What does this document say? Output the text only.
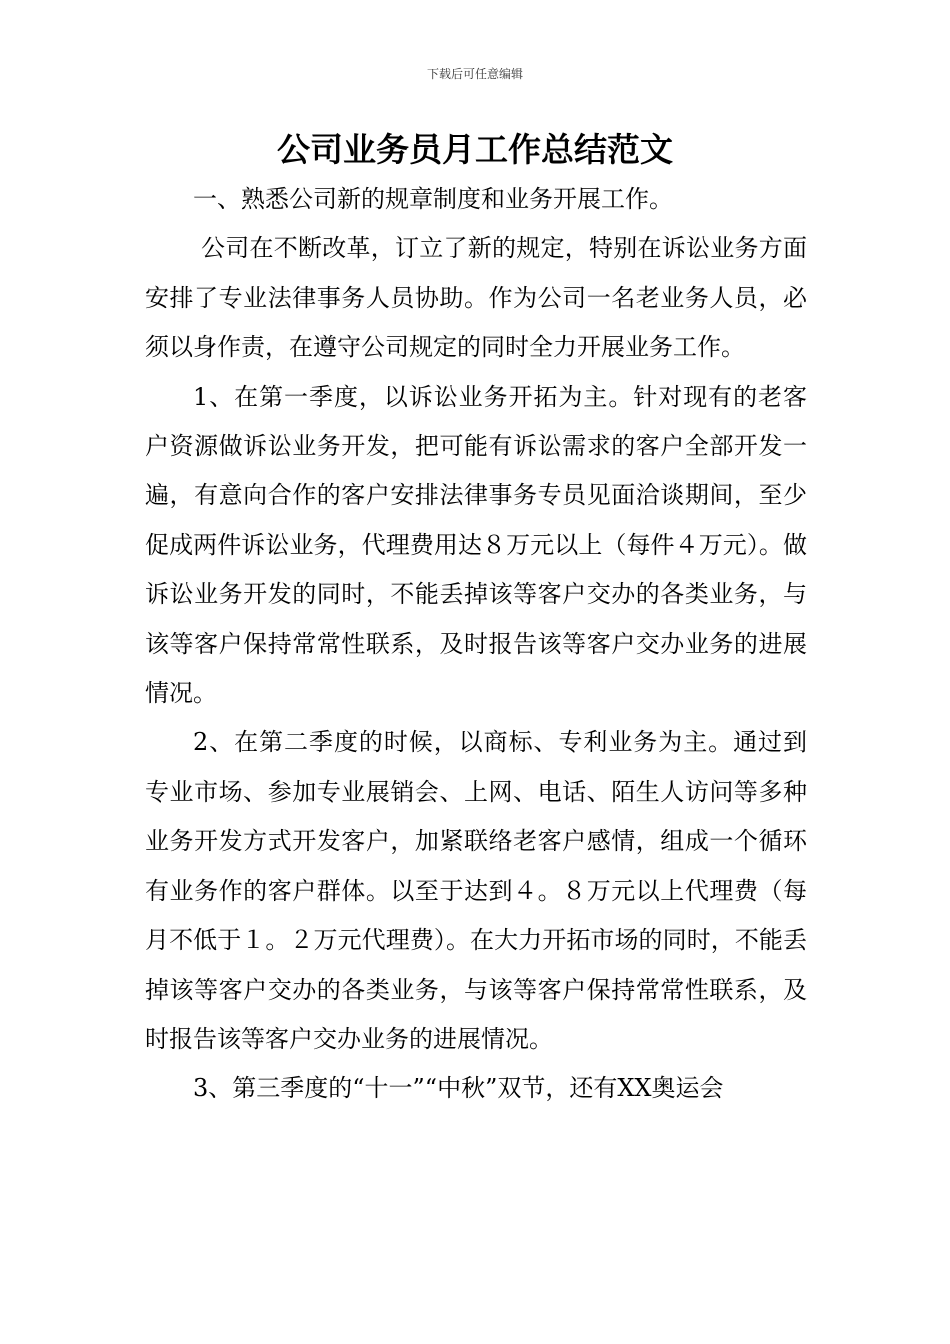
下载后可任意编辑
公司业务员月工作总结范文

一、熟悉公司新的规章制度和业务开展工作。

公司在不断改革，订立了新的规定，特别在诉讼业务方面安排了专业法律事务人员协助。作为公司一名老业务人员，必须以身作责，在遵守公司规定的同时全力开展业务工作。

1、在第一季度，以诉讼业务开拓为主。针对现有的老客户资源做诉讼业务开发，把可能有诉讼需求的客户全部开发一遍，有意向合作的客户安排法律事务专员见面洽谈期间，至少促成两件诉讼业务，代理费用达８万元以上（每件４万元）。做诉讼业务开发的同时，不能丢掉该等客户交办的各类业务，与该等客户保持常常性联系，及时报告该等客户交办业务的进展情况。

2、在第二季度的时候，以商标、专利业务为主。通过到专业市场、参加专业展销会、上网、电话、陌生人访问等多种业务开发方式开发客户，加紧联络老客户感情，组成一个循环有业务作的客户群体。以至于达到４。８万元以上代理费（每月不低于１。２万元代理费）。在大力开拓市场的同时，不能丢掉该等客户交办的各类业务，与该等客户保持常常性联系，及时报告该等客户交办业务的进展情况。

3、第三季度的“十一”“中秋”双节，还有XX奥运会
